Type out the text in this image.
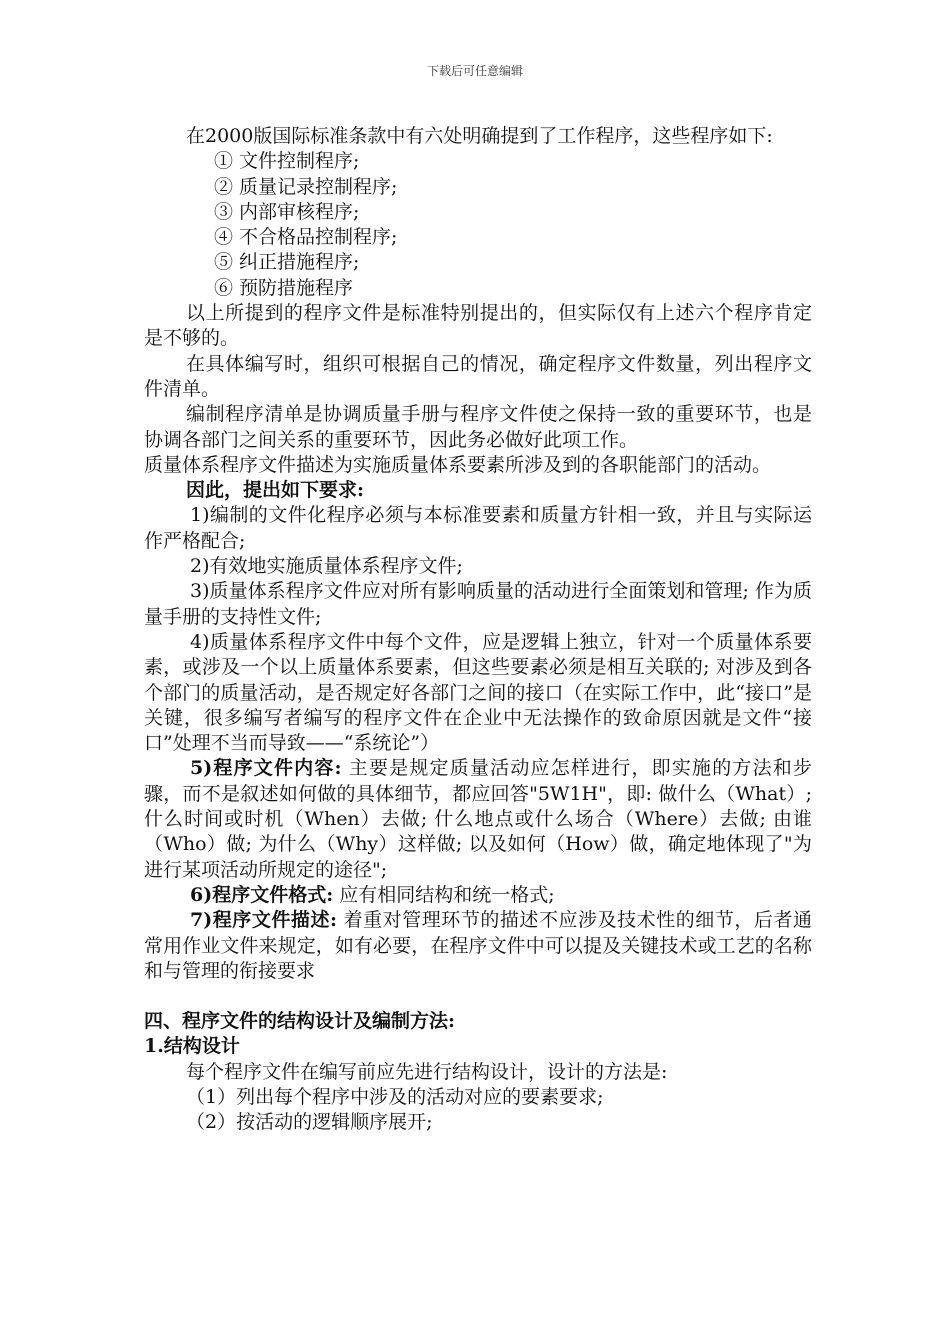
下载后可任意编辑

在2000版国际标准条款中有六处明确提到了工作程序，这些程序如下:

① 文件控制程序;

② 质量记录控制程序;

③ 内部审核程序;

④ 不合格品控制程序;

⑤ 纠正措施程序;

⑥ 预防措施程序

以上所提到的程序文件是标准特别提出的，但实际仅有上述六个程序肯定是不够的。

在具体编写时，组织可根据自己的情况，确定程序文件数量，列出程序文件清单。

编制程序清单是协调质量手册与程序文件使之保持一致的重要环节，也是协调各部门之间关系的重要环节，因此务必做好此项工作。

质量体系程序文件描述为实施质量体系要素所涉及到的各职能部门的活动。

因此，提出如下要求:

1)编制的文件化程序必须与本标准要素和质量方针相一致，并且与实际运作严格配合;

2)有效地实施质量体系程序文件;

3)质量体系程序文件应对所有影响质量的活动进行全面策划和管理; 作为质量手册的支持性文件;

4)质量体系程序文件中每个文件，应是逻辑上独立，针对一个质量体系要素，或涉及一个以上质量体系要素，但这些要素必须是相互关联的; 对涉及到各个部门的质量活动，是否规定好各部门之间的接口（在实际工作中，此“接口”是关键，很多编写者编写的程序文件在企业中无法操作的致命原因就是文件“接口”处理不当而导致——“系统论”）

5)程序文件内容: 主要是规定质量活动应怎样进行，即实施的方法和步骤，而不是叙述如何做的具体细节，都应回答"5W1H"，即: 做什么（What）; 什么时间或时机（When）去做; 什么地点或什么场合（Where）去做; 由谁（Who）做; 为什么（Why）这样做; 以及如何（How）做，确定地体现了"为进行某项活动所规定的途径";

6)程序文件格式: 应有相同结构和统一格式;

7)程序文件描述: 着重对管理环节的描述不应涉及技术性的细节，后者通常用作业文件来规定，如有必要，在程序文件中可以提及关键技术或工艺的名称和与管理的衔接要求

四、程序文件的结构设计及编制方法:

1.结构设计

每个程序文件在编写前应先进行结构设计，设计的方法是:

（1）列出每个程序中涉及的活动对应的要素要求;

（2）按活动的逻辑顺序展开;
